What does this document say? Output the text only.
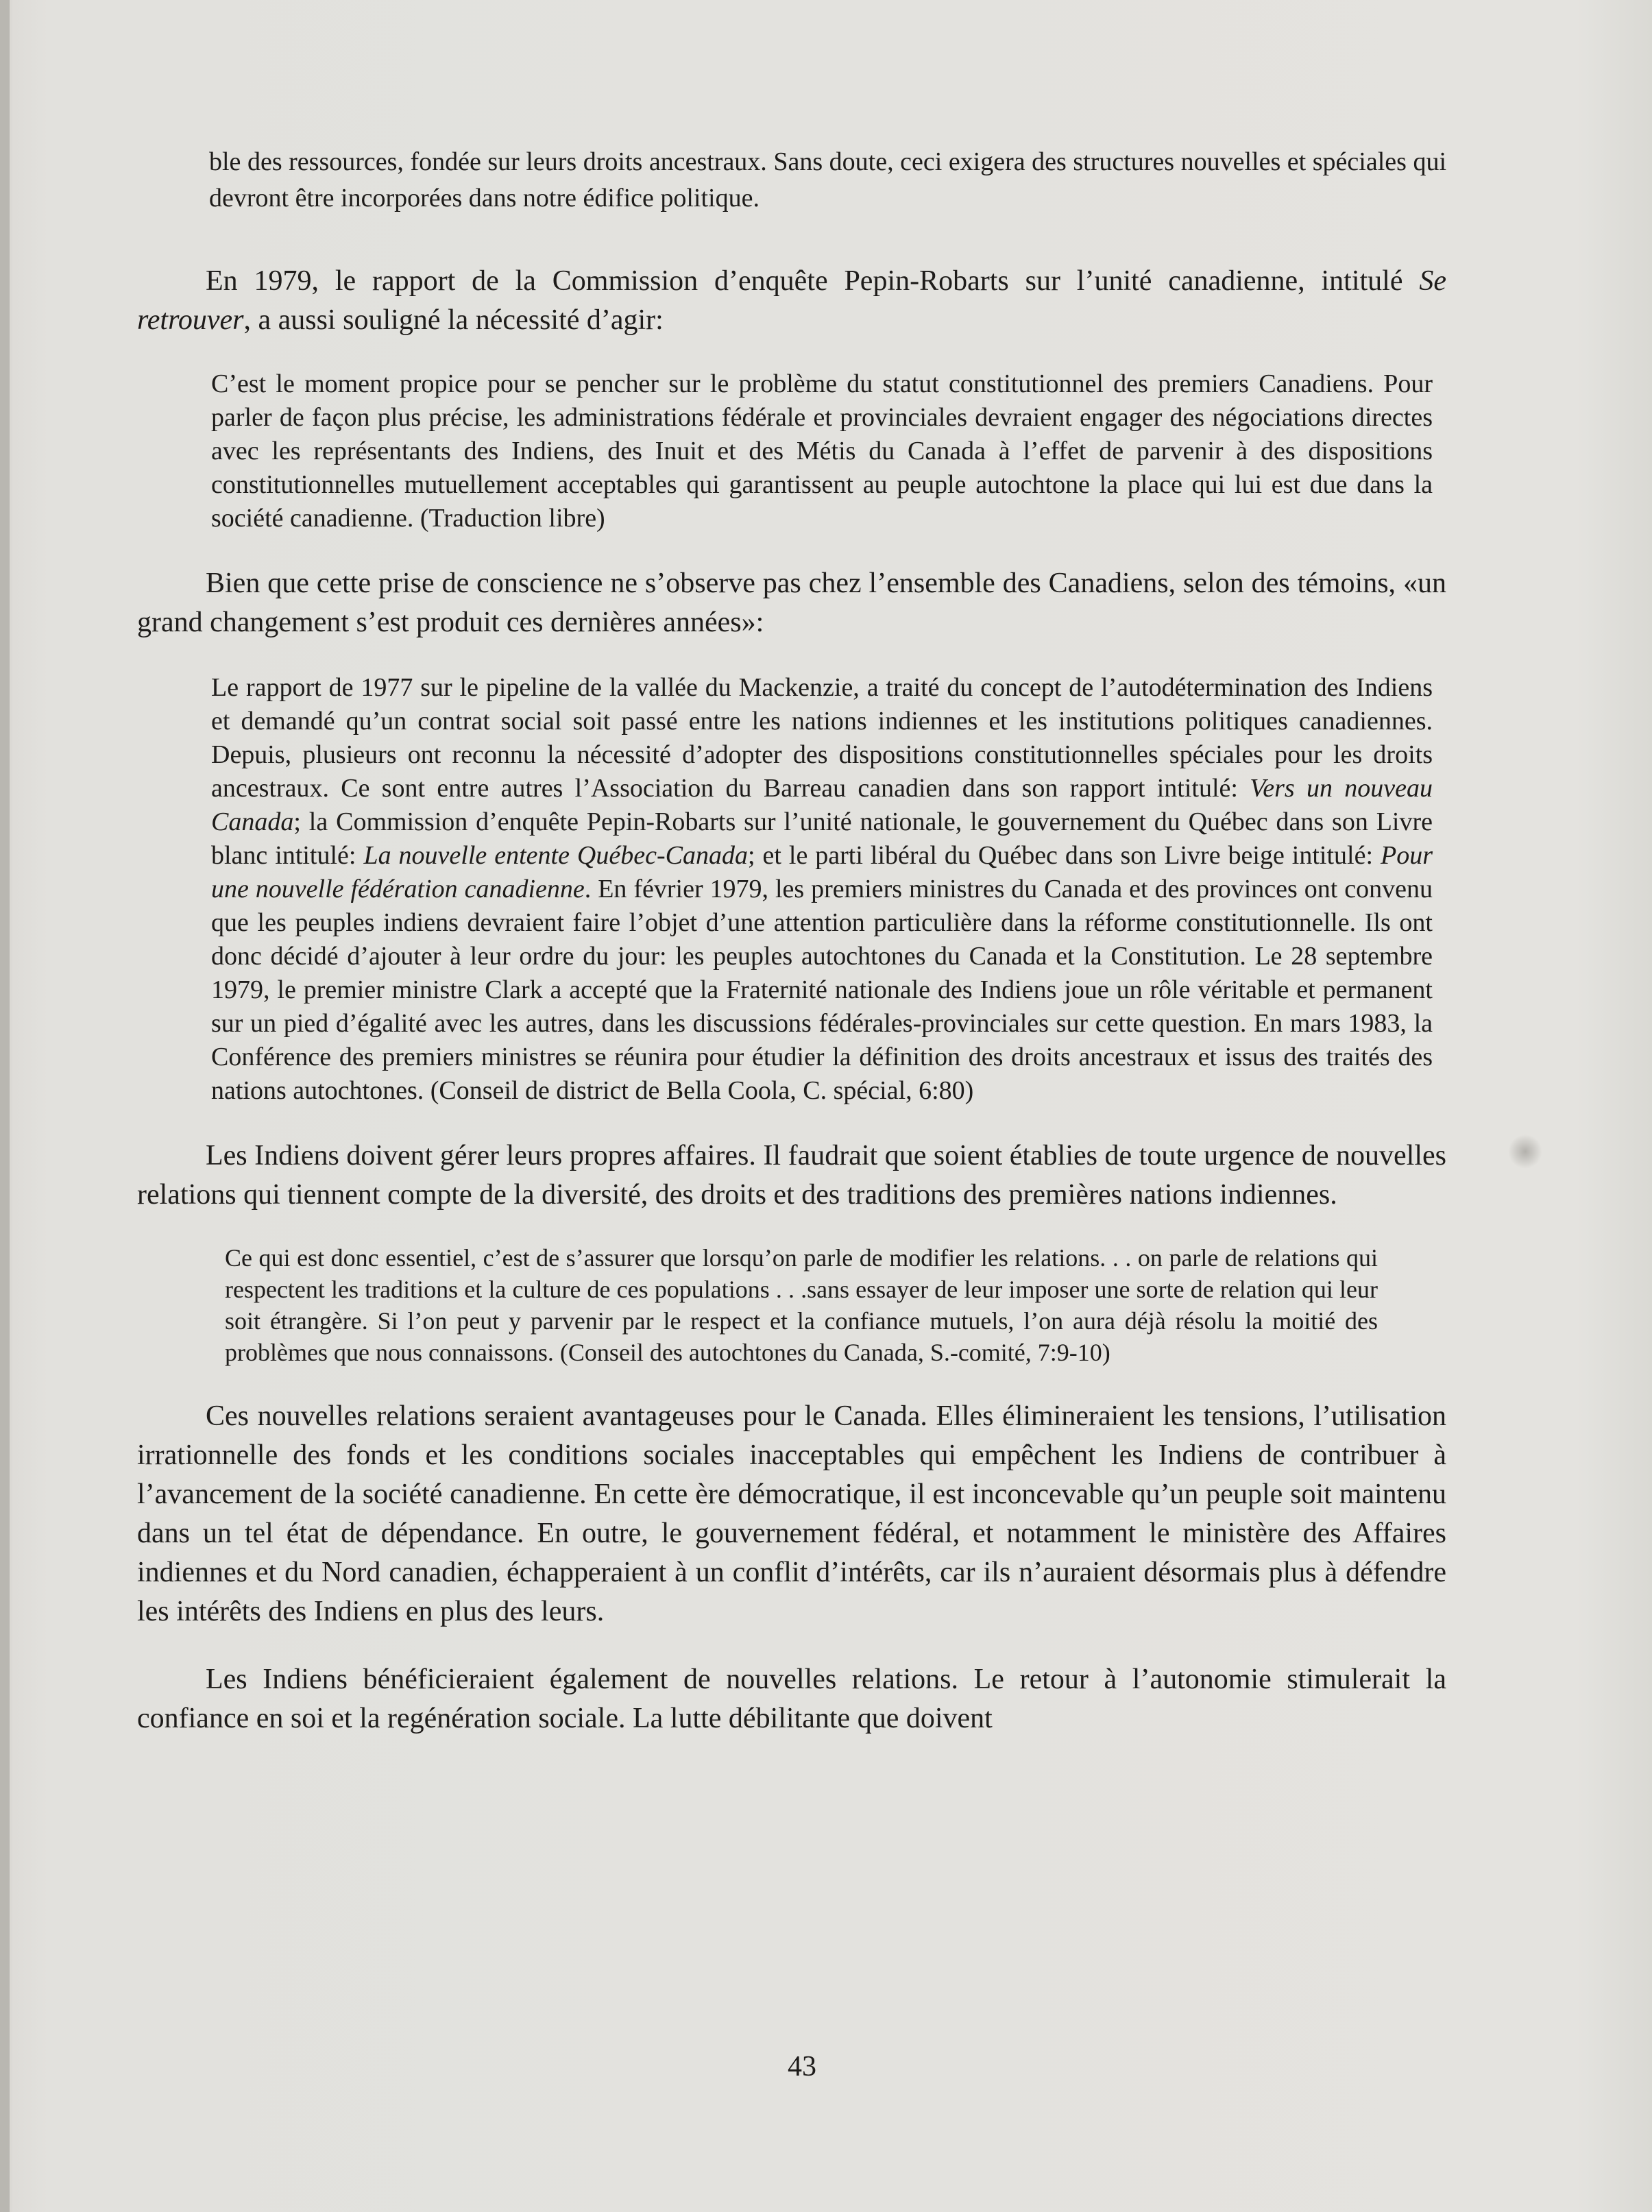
ble des ressources, fondée sur leurs droits ancestraux. Sans doute, ceci exigera des structures nouvelles et spéciales qui devront être incorporées dans notre édifice politique.

En 1979, le rapport de la Commission d’enquête Pepin-Robarts sur l’unité canadienne, intitulé Se retrouver, a aussi souligné la nécessité d’agir:

C’est le moment propice pour se pencher sur le problème du statut constitutionnel des premiers Canadiens. Pour parler de façon plus précise, les administrations fédérale et provinciales devraient engager des négociations directes avec les représentants des Indiens, des Inuit et des Métis du Canada à l’effet de parvenir à des dispositions constitutionnelles mutuellement acceptables qui garantissent au peuple autochtone la place qui lui est due dans la société canadienne. (Traduction libre)

Bien que cette prise de conscience ne s’observe pas chez l’ensemble des Canadiens, selon des témoins, «un grand changement s’est produit ces dernières années»:

Le rapport de 1977 sur le pipeline de la vallée du Mackenzie, a traité du concept de l’autodétermination des Indiens et demandé qu’un contrat social soit passé entre les nations indiennes et les institutions politiques canadiennes. Depuis, plusieurs ont reconnu la nécessité d’adopter des dispositions constitutionnelles spéciales pour les droits ancestraux. Ce sont entre autres l’Association du Barreau canadien dans son rapport intitulé: Vers un nouveau Canada; la Commission d’enquête Pepin-Robarts sur l’unité nationale, le gouvernement du Québec dans son Livre blanc intitulé: La nouvelle entente Québec-Canada; et le parti libéral du Québec dans son Livre beige intitulé: Pour une nouvelle fédération canadienne. En février 1979, les premiers ministres du Canada et des provinces ont convenu que les peuples indiens devraient faire l’objet d’une attention particulière dans la réforme constitutionnelle. Ils ont donc décidé d’ajouter à leur ordre du jour: les peuples autochtones du Canada et la Constitution. Le 28 septembre 1979, le premier ministre Clark a accepté que la Fraternité nationale des Indiens joue un rôle véritable et permanent sur un pied d’égalité avec les autres, dans les discussions fédérales-provinciales sur cette question. En mars 1983, la Conférence des premiers ministres se réunira pour étudier la définition des droits ancestraux et issus des traités des nations autochtones. (Conseil de district de Bella Coola, C. spécial, 6:80)

Les Indiens doivent gérer leurs propres affaires. Il faudrait que soient établies de toute urgence de nouvelles relations qui tiennent compte de la diversité, des droits et des traditions des premières nations indiennes.

Ce qui est donc essentiel, c’est de s’assurer que lorsqu’on parle de modifier les relations. . . on parle de relations qui respectent les traditions et la culture de ces populations . . .sans essayer de leur imposer une sorte de relation qui leur soit étrangère. Si l’on peut y parvenir par le respect et la confiance mutuels, l’on aura déjà résolu la moitié des problèmes que nous connaissons. (Conseil des autochtones du Canada, S.-comité, 7:9-10)

Ces nouvelles relations seraient avantageuses pour le Canada. Elles élimineraient les tensions, l’utilisation irrationnelle des fonds et les conditions sociales inacceptables qui empêchent les Indiens de contribuer à l’avancement de la société canadienne. En cette ère démocratique, il est inconcevable qu’un peuple soit maintenu dans un tel état de dépendance. En outre, le gouvernement fédéral, et notamment le ministère des Affaires indiennes et du Nord canadien, échapperaient à un conflit d’intérêts, car ils n’auraient désormais plus à défendre les intérêts des Indiens en plus des leurs.

Les Indiens bénéficieraient également de nouvelles relations. Le retour à l’autonomie stimulerait la confiance en soi et la regénération sociale. La lutte débilitante que doivent

43
